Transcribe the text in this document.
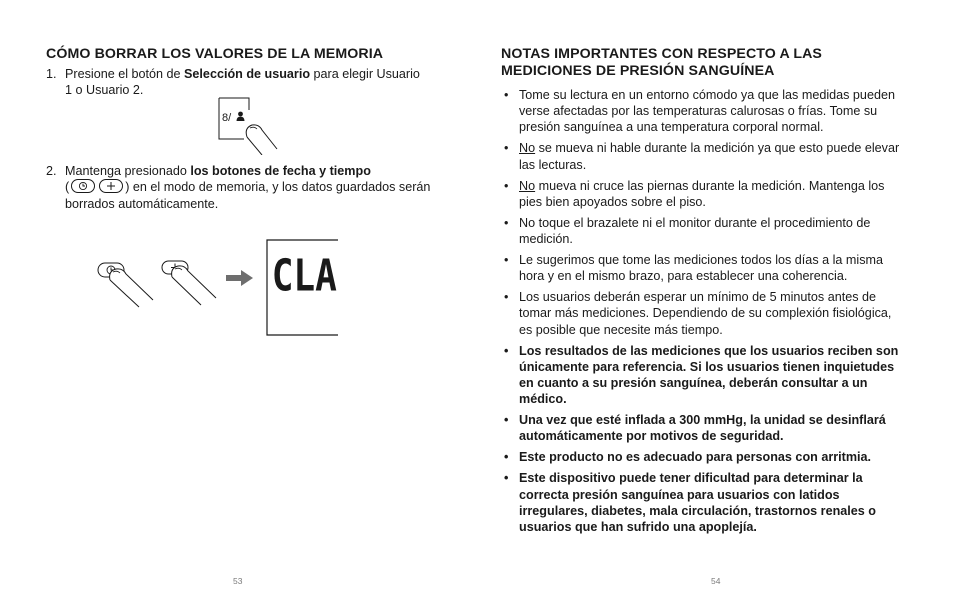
CÓMO BORRAR LOS VALORES DE LA MEMORIA
1. Presione el botón de Selección de usuario para elegir Usuario 1 o Usuario 2.
8/
2. Mantenga presionado los botones de fecha y tiempo
(	) en el modo de memoria, y los datos guardados serán borrados automáticamente.
CLA
53
NOTAS IMPORTANTES CON RESPECTO A LAS MEDICIONES DE PRESIÓN SANGUÍNEA
• Tome su lectura en un entorno cómodo ya que las medidas pueden verse afectadas por las temperaturas calurosas o frías. Tome su presión sanguínea a una temperatura corporal normal.
• No se mueva ni hable durante la medición ya que esto puede elevar las lecturas.
• No mueva ni cruce las piernas durante la medición. Mantenga los pies bien apoyados sobre el piso.
• No toque el brazalete ni el monitor durante el procedimiento de medición.
• Le sugerimos que tome las mediciones todos los días a la misma hora y en el mismo brazo, para establecer una coherencia.
• Los usuarios deberán esperar un mínimo de 5 minutos antes de tomar más mediciones. Dependiendo de su complexión fisiológica, es posible que necesite más tiempo.
• Los resultados de las mediciones que los usuarios reciben son únicamente para referencia. Si los usuarios tienen inquietudes en cuanto a su presión sanguínea, deberán consultar a un médico.
• Una vez que esté inflada a 300 mmHg, la unidad se desinflará automáticamente por motivos de seguridad.
• Este producto no es adecuado para personas con arritmia.
• Este dispositivo puede tener dificultad para determinar la correcta presión sanguínea para usuarios con latidos irregulares, diabetes, mala circulación, trastornos renales o usuarios que han sufrido una apoplejía.
54
